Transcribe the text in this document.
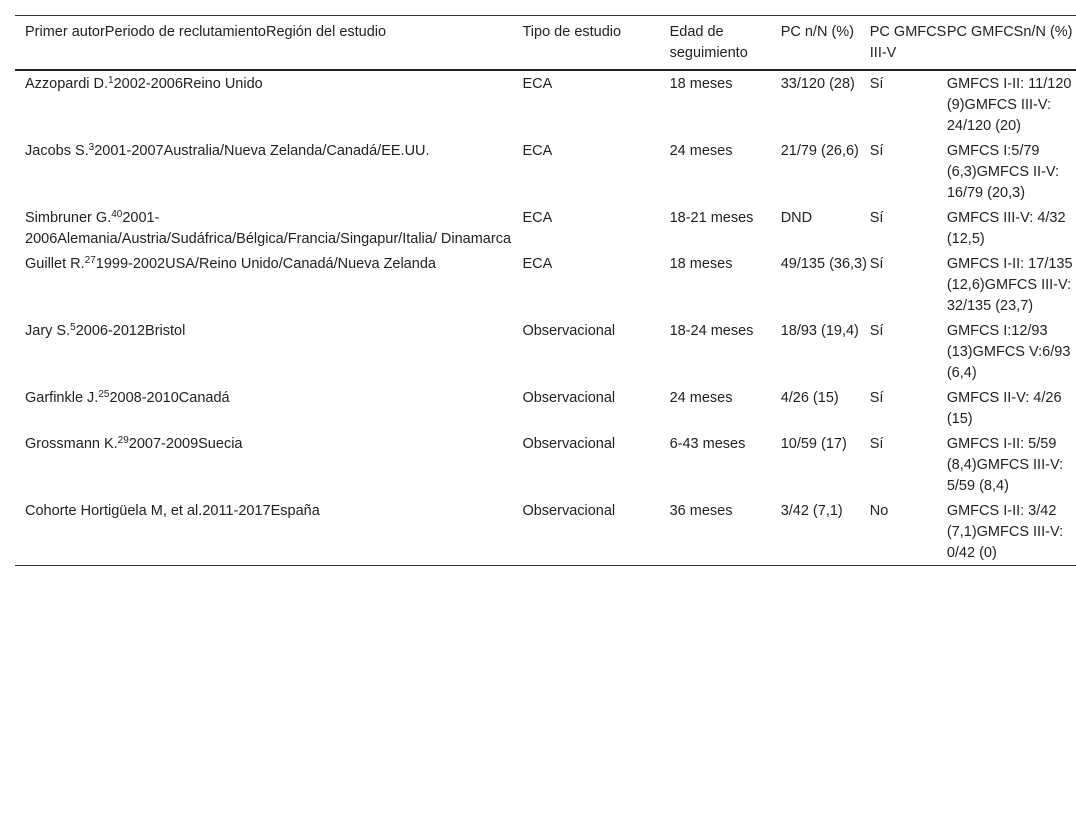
Primer autorPeriodo de reclutamientoRegión del estudio	Tipo de estudio	Edad de seguimiento	PC n/N (%)	PC GMFCS III-V	PC GMFCSn/N (%)
Azzopardi D.$^1$2002-2006Reino Unido	ECA	18 meses	33/120 (28)	Sí	GMFCS I-II: 11/120 (9)GMFCS III-V: 24/120 (20)
Jacobs S.$^3$2001-2007Australia/Nueva Zelanda/Canadá/EE.UU.	ECA	24 meses	21/79 (26,6)	Sí	GMFCS I:5/79 (6,3)GMFCS II-V: 16/79 (20,3)
Simbruner G.$^{40}$2001-2006Alemania/Austria/Sudáfrica/Bélgica/Francia/Singapur/Italia/ Dinamarca	ECA	18-21 meses	DND	Sí	GMFCS III-V: 4/32 (12,5)
Guillet R.$^{27}$1999-2002USA/Reino Unido/Canadá/Nueva Zelanda	ECA	18 meses	49/135 (36,3)	Sí	GMFCS I-II: 17/135 (12,6)GMFCS III-V: 32/135 (23,7)
Jary S.$^5$2006-2012Bristol	Observacional	18-24 meses	18/93 (19,4)	Sí	GMFCS I:12/93 (13)GMFCS V:6/93 (6,4)
Garfinkle J.$^{25}$2008-2010Canadá	Observacional	24 meses	4/26 (15)	Sí	GMFCS II-V: 4/26 (15)
Grossmann K.$^{29}$2007-2009Suecia	Observacional	6-43 meses	10/59 (17)	Sí	GMFCS I-II: 5/59 (8,4)GMFCS III-V: 5/59 (8,4)
Cohorte Hortigüela M, et al.2011-2017España	Observacional	36 meses	3/42 (7,1)	No	GMFCS I-II: 3/42 (7,1)GMFCS III-V: 0/42 (0)
